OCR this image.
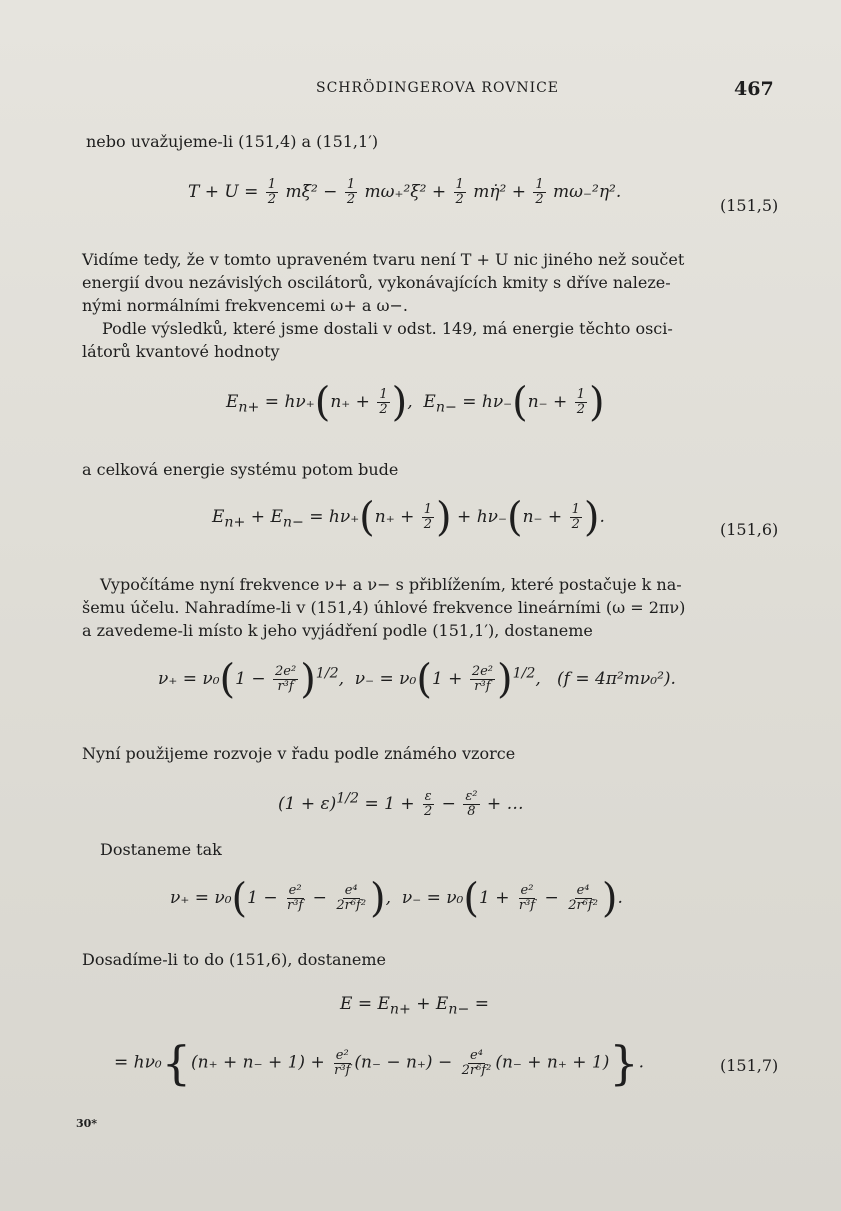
SCHRÖDINGEROVA ROVNICE	467
nebo uvažujeme-li (151,4) a (151,1′)
$T + U = \frac{1}{2}$ mξ̇² − $\frac{1}{2} m\omega_+^2\xi^2 + \frac{1}{2}$ mη̇² + $\frac{1}{2} m\omega_-^2\eta^2$.
(151,5)
Vidíme tedy, že v tomto upraveném tvaru není T + U nic jiného než součet
energií dvou nezávislých oscilátorů, vykonávajících kmity s dříve naleze-
nými normálními frekvencemi ω+ a ω−.
Podle výsledků, které jsme dostali v odst. 149, má energie těchto osci-
látorů kvantové hodnoty
$E_{n+} = h\nu_+(n_+ + \frac{1}{2}$ ),  $E_{n-} = h\nu_-(n_- + \frac{1}{2}$ )
a celková energie systému potom bude
$E_{n+} + E_{n-} = h\nu_+(n_+ + \frac{1}{2}$ ) + $h\nu_-(n_- + \frac{1}{2}$ ).
(151,6)
Vypočítáme nyní frekvence ν+ a ν− s přiblížením, které postačuje k na-
šemu účelu. Nahradíme-li v (151,4) úhlové frekvence lineárními (ω = 2πν)
a zavedeme-li místo k jeho vyjádření podle (151,1′), dostaneme
$\nu_+ = \nu_0(1 - \frac{\text{2e²}}{\text{r³f}} )^{1/2}$,  $\nu_- = \nu_0(1 + \frac{\text{2e²}}{\text{r³f}} )^{1/2}$,   (f = 4π²mν₀²).
Nyní použijeme rozvoje v řadu podle známého vzorce
$(1 + \varepsilon)^{1/2} = 1 + \frac{\varepsilon}{2} - \frac{\text{ε²}}{8}$ + …
Dostaneme tak
$\nu_+ = \nu_0(1 - \frac{\text{e²}}{\text{r³f}} - \frac{\text{e⁴}}{\text{2r⁶f²}}$ ),  $\nu_- = \nu_0(1 + \frac{\text{e²}}{\text{r³f}} - \frac{\text{e⁴}}{\text{2r⁶f²}}$ ).
Dosadíme-li to do (151,6), dostaneme
$E = E_{n+} + E_{n-}$ =
= $h\nu_0\{(n_+ + n_- + 1) + \frac{\text{e²}}{\text{r³f}} (n_- - n_+) - \frac{\text{e⁴}}{\text{2r⁶f²}} (n_- + n_+ + 1)\}$.	(151,7)
30*
